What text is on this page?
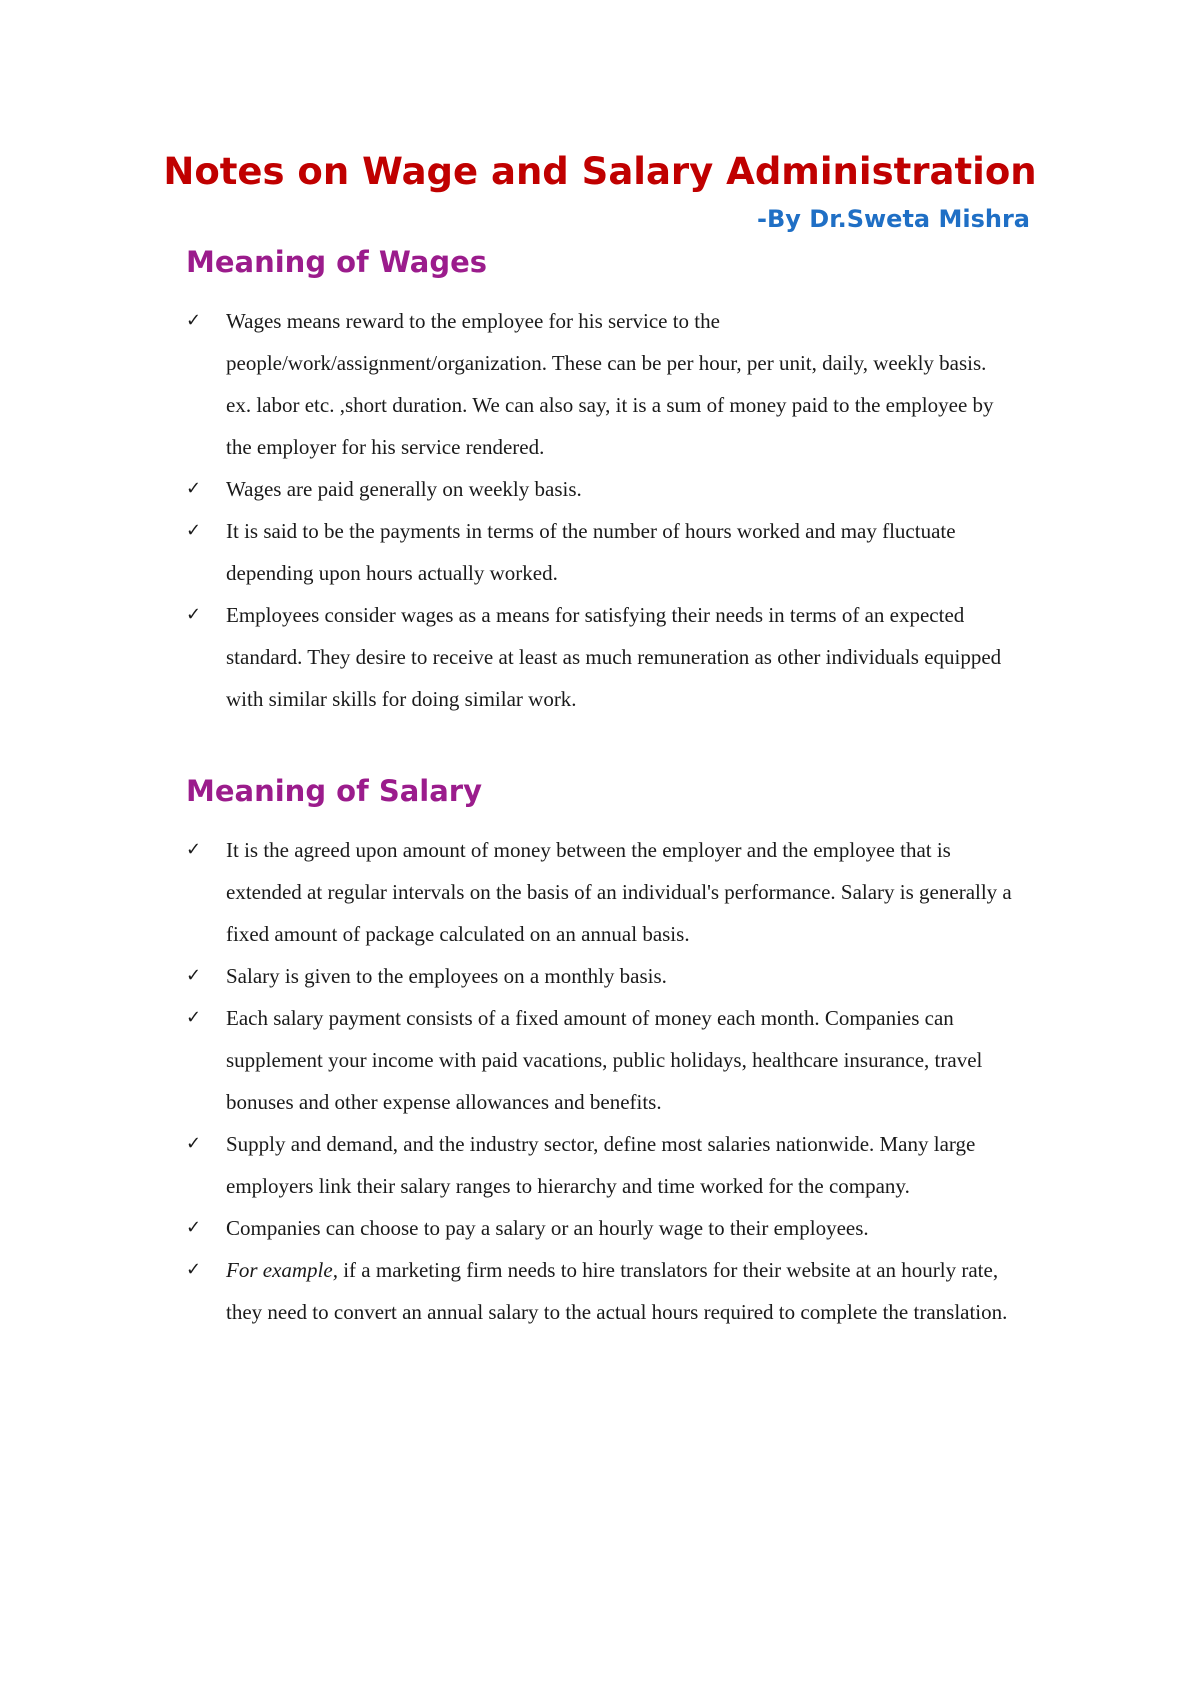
Notes on Wage and Salary Administration

-By Dr.Sweta Mishra

Meaning of Wages
✓	Wages means reward to the employee for his service to the people/work/assignment/organization. These can be per hour, per unit, daily, weekly basis. ex. labor etc. ,short duration. We can also say, it is a sum of money paid to the employee by the employer for his service rendered.
✓	Wages are paid generally on weekly basis.
✓	It is said to be the payments in terms of the number of hours worked and may fluctuate depending upon hours actually worked.
✓	Employees consider wages as a means for satisfying their needs in terms of an expected standard. They desire to receive at least as much remuneration as other individuals equipped with similar skills for doing similar work.
Meaning of Salary
✓	It is the agreed upon amount of money between the employer and the employee that is extended at regular intervals on the basis of an individual's performance. Salary is generally a fixed amount of package calculated on an annual basis.
✓	Salary is given to the employees on a monthly basis.
✓	Each salary payment consists of a fixed amount of money each month. Companies can supplement your income with paid vacations, public holidays, healthcare insurance, travel bonuses and other expense allowances and benefits.
✓	Supply and demand, and the industry sector, define most salaries nationwide. Many large employers link their salary ranges to hierarchy and time worked for the company.
✓	Companies can choose to pay a salary or an hourly wage to their employees.
✓	For example, if a marketing firm needs to hire translators for their website at an hourly rate, they need to convert an annual salary to the actual hours required to complete the translation.
